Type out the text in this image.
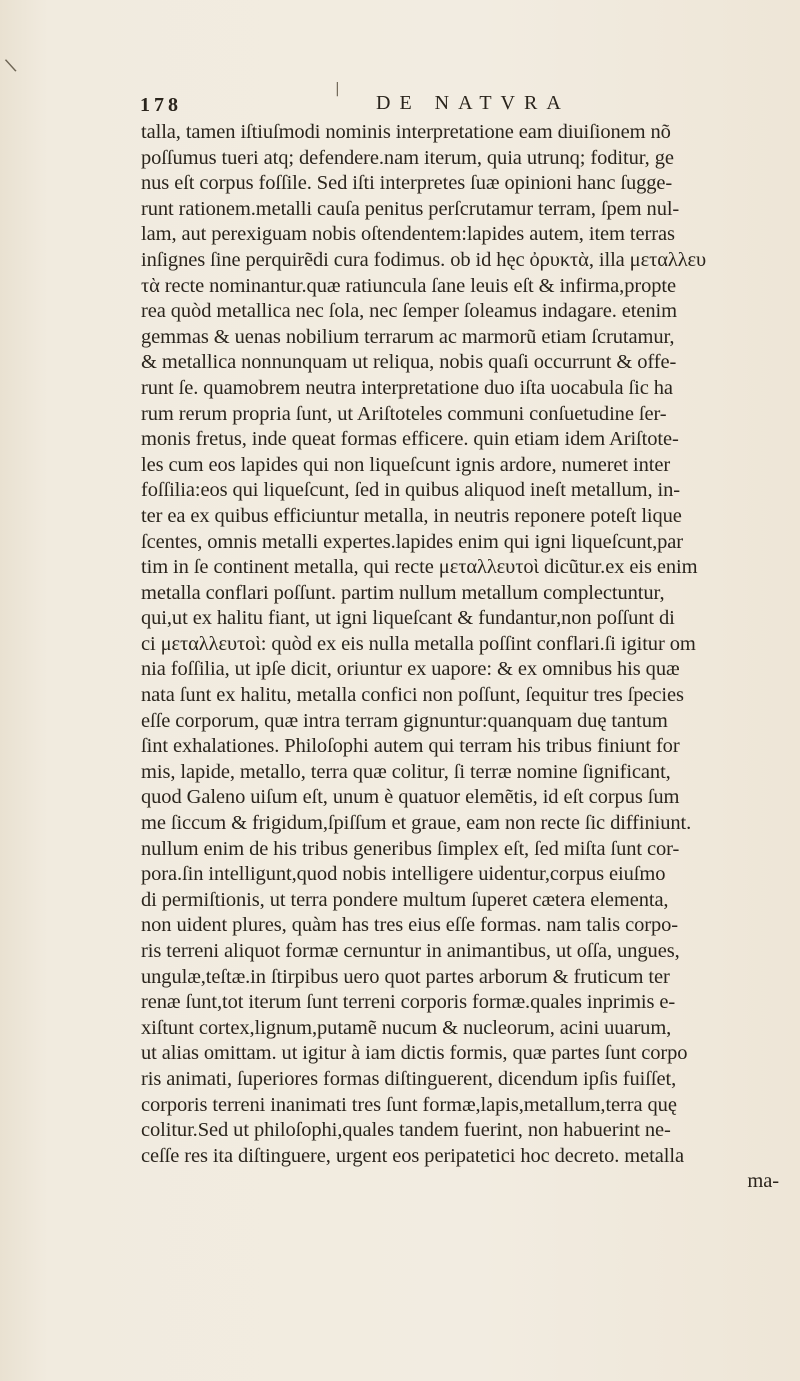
\
|
178	DE NATVRA
talla, tamen iſtiuſmodi nominis interpretatione eam diuiſionem nõ
poſſumus tueri atq; defendere.nam iterum, quia utrunq; foditur, ge
nus eſt corpus foſſile. Sed iſti interpretes ſuæ opinioni hanc ſugge-
runt rationem.metalli cauſa penitus perſcrutamur terram, ſpem nul-
lam, aut perexiguam nobis oſtendentem:lapides autem, item terras
inſignes ſine perquirẽdi cura fodimus. ob id hęc ὀρυκτὰ, illa μεταλλευ
τὰ recte nominantur.quæ ratiuncula ſane leuis eſt & infirma,propte
rea quòd metallica nec ſola, nec ſemper ſoleamus indagare. etenim
gemmas & uenas nobilium terrarum ac marmorũ etiam ſcrutamur,
& metallica nonnunquam ut reliqua, nobis quaſi occurrunt & offe-
runt ſe. quamobrem neutra interpretatione duo iſta uocabula ſic ha
rum rerum propria ſunt, ut Ariſtoteles communi conſuetudine ſer-
monis fretus, inde queat formas efficere. quin etiam idem Ariſtote-
les cum eos lapides qui non liqueſcunt ignis ardore, numeret inter
foſſilia:eos qui liqueſcunt, ſed in quibus aliquod ineſt metallum, in-
ter ea ex quibus efficiuntur metalla, in neutris reponere poteſt lique
ſcentes, omnis metalli expertes.lapides enim qui igni liqueſcunt,par
tim in ſe continent metalla, qui recte μεταλλευτοὶ dicũtur.ex eis enim
metalla conflari poſſunt. partim nullum metallum complectuntur,
qui,ut ex halitu fiant, ut igni liqueſcant & fundantur,non poſſunt di
ci μεταλλευτοὶ: quòd ex eis nulla metalla poſſint conflari.ſi igitur om
nia foſſilia, ut ipſe dicit, oriuntur ex uapore: & ex omnibus his quæ
nata ſunt ex halitu, metalla confici non poſſunt, ſequitur tres ſpecies
eſſe corporum, quæ intra terram gignuntur:quanquam duę tantum
ſint exhalationes. Philoſophi autem qui terram his tribus finiunt for
mis, lapide, metallo, terra quæ colitur, ſi terræ nomine ſignificant,
quod Galeno uiſum eſt, unum è quatuor elemẽtis, id eſt corpus ſum
me ſiccum & frigidum,ſpiſſum et graue, eam non recte ſic diffiniunt.
nullum enim de his tribus generibus ſimplex eſt, ſed miſta ſunt cor-
pora.ſin intelligunt,quod nobis intelligere uidentur,corpus eiuſmo
di permiſtionis, ut terra pondere multum ſuperet cætera elementa,
non uident plures, quàm has tres eius eſſe formas. nam talis corpo-
ris terreni aliquot formæ cernuntur in animantibus, ut oſſa, ungues,
ungulæ,teſtæ.in ſtirpibus uero quot partes arborum & fruticum ter
renæ ſunt,tot iterum ſunt terreni corporis formæ.quales inprimis e-
xiſtunt cortex,lignum,putamẽ nucum & nucleorum, acini uuarum,
ut alias omittam. ut igitur à iam dictis formis, quæ partes ſunt corpo
ris animati, ſuperiores formas diſtinguerent, dicendum ipſis fuiſſet,
corporis terreni inanimati tres ſunt formæ,lapis,metallum,terra quę
colitur.Sed ut philoſophi,quales tandem fuerint, non habuerint ne-
ceſſe res ita diſtinguere, urgent eos peripatetici hoc decreto. metalla
ma-
